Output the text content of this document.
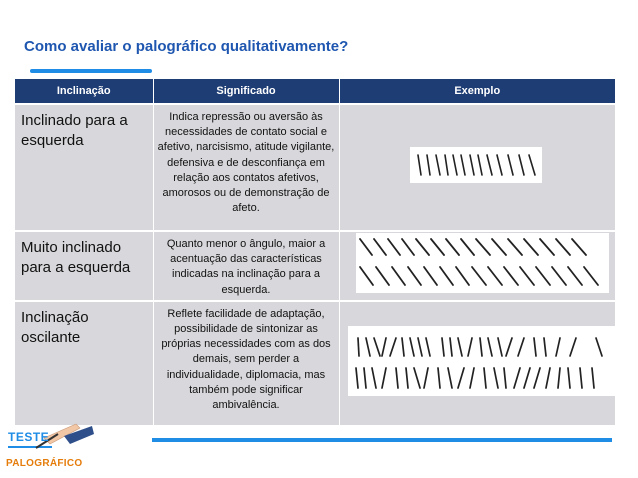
Como avaliar o palográfico qualitativamente?
Inclinação	Significado	Exemplo
Inclinado para a esquerda	Indica repressão ou aversão às necessidades de contato social e afetivo, narcisismo, atitude vigilante, defensiva e de desconfiança em relação aos contatos afetivos, amorosos ou de demonstração de afeto.	

Muito inclinado para a esquerda	Quanto menor o ângulo, maior a acentuação das características indicadas na inclinação para a esquerda.	

Inclinação oscilante	Reflete facilidade de adaptação, possibilidade de sintonizar as próprias necessidades com as dos demais, sem perder a individualidade, diplomacia, mas também pode significar ambivalência.	
TESTE
PALOGRÁFICO
